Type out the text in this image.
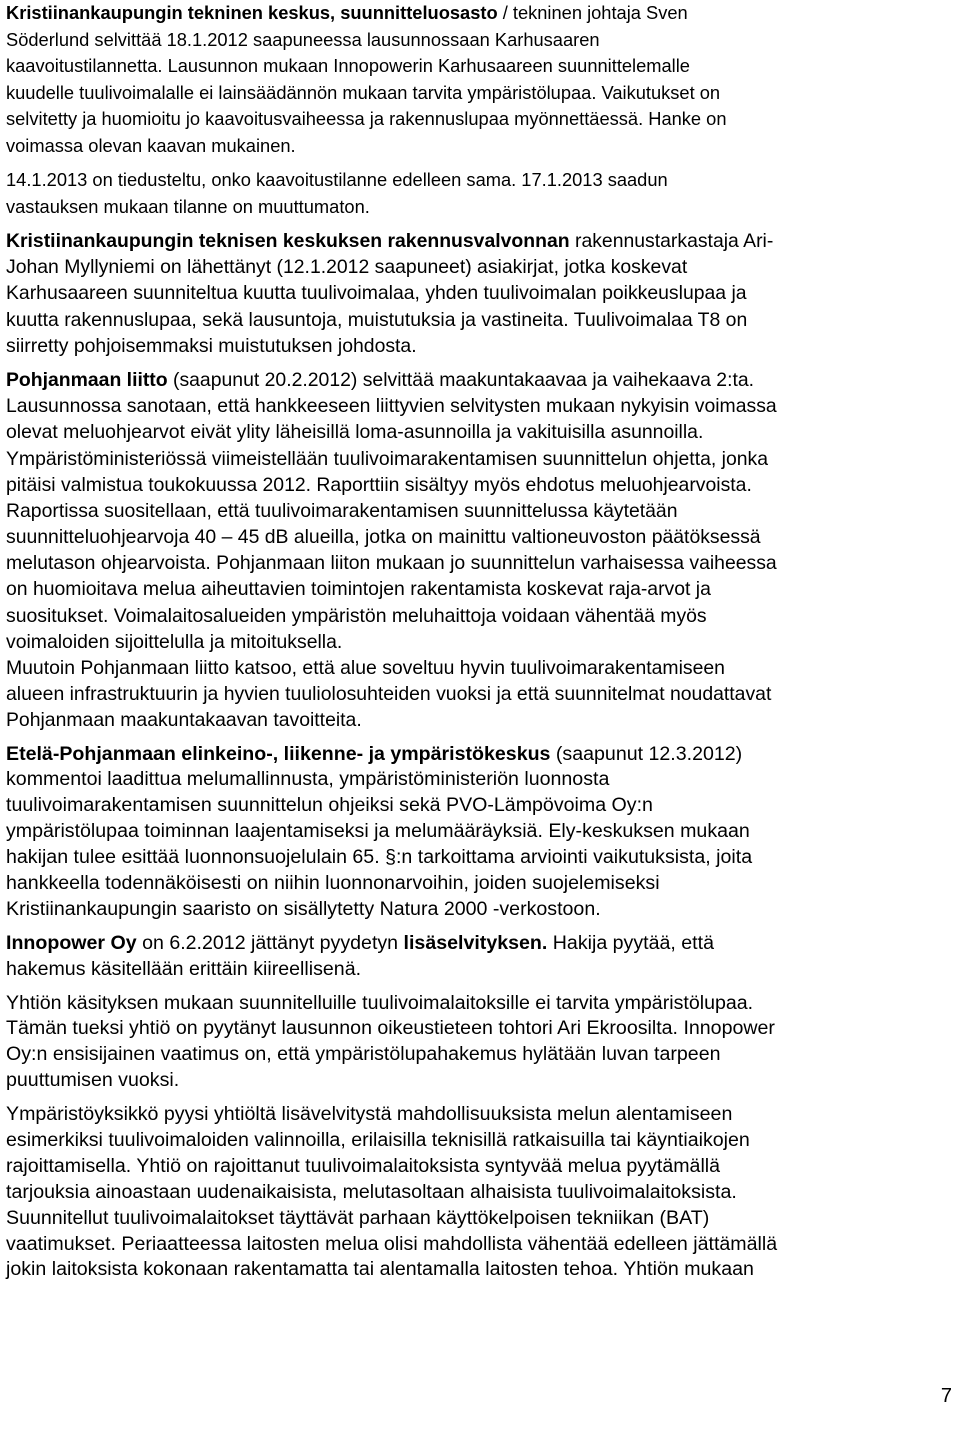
Kristiinankaupungin tekninen keskus, suunnitteluosasto / tekninen johtaja Sven
Söderlund selvittää 18.1.2012 saapuneessa lausunnossaan Karhusaaren
kaavoitustilannetta. Lausunnon mukaan Innopowerin Karhusaareen suunnittelemalle
kuudelle tuulivoimalalle ei lainsäädännön mukaan tarvita ympäristölupaa. Vaikutukset on
selvitetty ja huomioitu jo kaavoitusvaiheessa ja rakennuslupaa myönnettäessä. Hanke on
voimassa olevan kaavan mukainen.
14.1.2013 on tiedusteltu, onko kaavoitustilanne edelleen sama. 17.1.2013 saadun
vastauksen mukaan tilanne on muuttumaton.
Kristiinankaupungin teknisen keskuksen rakennusvalvonnan rakennustarkastaja Ari-
Johan Myllyniemi on lähettänyt (12.1.2012 saapuneet) asiakirjat, jotka koskevat
Karhusaareen suunniteltua kuutta tuulivoimalaa, yhden tuulivoimalan poikkeuslupaa ja
kuutta rakennuslupaa, sekä lausuntoja, muistutuksia ja vastineita. Tuulivoimalaa T8 on
siirretty pohjoisemmaksi muistutuksen johdosta.
Pohjanmaan liitto (saapunut 20.2.2012) selvittää maakuntakaavaa ja vaihekaava 2:ta.
Lausunnossa sanotaan, että hankkeeseen liittyvien selvitysten mukaan nykyisin voimassa
olevat meluohjearvot eivät ylity läheisillä loma-asunnoilla ja vakituisilla asunnoilla.
Ympäristöministeriössä viimeistellään tuulivoimarakentamisen suunnittelun ohjetta, jonka
pitäisi valmistua toukokuussa 2012. Raporttiin sisältyy myös ehdotus meluohjearvoista.
Raportissa suositellaan, että tuulivoimarakentamisen suunnittelussa käytetään
suunnitteluohjearvoja 40 – 45 dB alueilla, jotka on mainittu valtioneuvoston päätöksessä
melutason ohjearvoista. Pohjanmaan liiton mukaan jo suunnittelun varhaisessa vaiheessa
on huomioitava melua aiheuttavien toimintojen rakentamista koskevat raja-arvot ja
suositukset. Voimalaitosalueiden ympäristön meluhaittoja voidaan vähentää myös
voimaloiden sijoittelulla ja mitoituksella.
Muutoin Pohjanmaan liitto katsoo, että alue soveltuu hyvin tuulivoimarakentamiseen
alueen infrastruktuurin ja hyvien tuuliolosuhteiden vuoksi ja että suunnitelmat noudattavat
Pohjanmaan maakuntakaavan tavoitteita.
Etelä-Pohjanmaan elinkeino-, liikenne- ja ympäristökeskus (saapunut 12.3.2012)
kommentoi laadittua melumallinnusta, ympäristöministeriön luonnosta
tuulivoimarakentamisen suunnittelun ohjeiksi sekä PVO-Lämpövoima Oy:n
ympäristölupaa toiminnan laajentamiseksi ja melumääräyksiä. Ely-keskuksen mukaan
hakijan tulee esittää luonnonsuojelulain 65. §:n tarkoittama arviointi vaikutuksista, joita
hankkeella todennäköisesti on niihin luonnonarvoihin, joiden suojelemiseksi
Kristiinankaupungin saaristo on sisällytetty Natura 2000 -verkostoon.
Innopower Oy on 6.2.2012 jättänyt pyydetyn lisäselvityksen. Hakija pyytää, että
hakemus käsitellään erittäin kiireellisenä.
Yhtiön käsityksen mukaan suunnitelluille tuulivoimalaitoksille ei tarvita ympäristölupaa.
Tämän tueksi yhtiö on pyytänyt lausunnon oikeustieteen tohtori Ari Ekroosilta. Innopower
Oy:n ensisijainen vaatimus on, että ympäristölupahakemus hylätään luvan tarpeen
puuttumisen vuoksi.
Ympäristöyksikkö pyysi yhtiöltä lisävelvitystä mahdollisuuksista melun alentamiseen
esimerkiksi tuulivoimaloiden valinnoilla, erilaisilla teknisillä ratkaisuilla tai käyntiaikojen
rajoittamisella. Yhtiö on rajoittanut tuulivoimalaitoksista syntyvää melua pyytämällä
tarjouksia ainoastaan uudenaikaisista, melutasoltaan alhaisista tuulivoimalaitoksista.
Suunnitellut tuulivoimalaitokset täyttävät parhaan käyttökelpoisen tekniikan (BAT)
vaatimukset. Periaatteessa laitosten melua olisi mahdollista vähentää edelleen jättämällä
jokin laitoksista kokonaan rakentamatta tai alentamalla laitosten tehoa. Yhtiön mukaan
7
